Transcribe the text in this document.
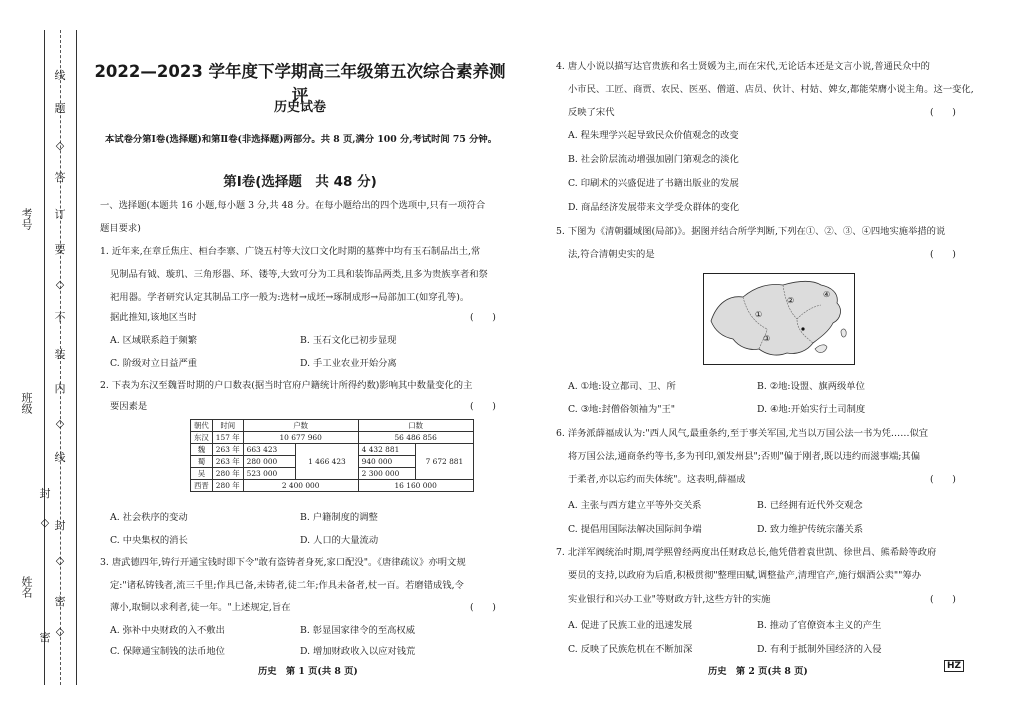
线
题
◇
答
订
要
◇
不
装
内
◇
线
封
◇
密
◇
考号
班级
姓名
封
◇
密
2022—2023 学年度下学期高三年级第五次综合素养测评
历史试卷
本试卷分第Ⅰ卷(选择题)和第Ⅱ卷(非选择题)两部分。共 8 页,满分 100 分,考试时间 75 分钟。
第Ⅰ卷(选择题　共 48 分)
一、选择题(本题共 16 小题,每小题 3 分,共 48 分。在每小题给出的四个选项中,只有一项符合
题目要求)
1. 近年来,在章丘焦庄、桓台李寨、广饶五村等大汶口文化时期的墓葬中均有玉石制品出土,常
见制品有钺、璇玑、三角形器、环、镂等,大致可分为工具和装饰品两类,且多为贵族享者和祭
祀用器。学者研究认定其制品工序一般为:选材→成坯→琢制成形→局部加工(如穿孔等)。
据此推知,该地区当时	(　　)
A. 区域联系趋于频繁	B. 玉石文化已初步显现
C. 阶级对立日益严重	D. 手工业农业开始分离
2. 下表为东汉至魏晋时期的户口数表(据当时官府户籍统计所得约数)影响其中数量变化的主
要因素是	(　　)
朝代	时间	户数		口数	
东汉	157 年	10 677 960		56 486 856	
魏	263 年	663 423	1 466 423	4 432 881	7 672 881
蜀	263 年	280 000		940 000	
吴	280 年	523 000		2 300 000	
西晋	280 年	2 400 000		16 160 000	
A. 社会秩序的变动	B. 户籍制度的调整
C. 中央集权的消长	D. 人口的大量流动
3. 唐武德四年,铸行开通宝钱时即下令"敢有盗铸者身死,家口配没"。《唐律疏议》亦明文规
定:"诸私铸钱者,流三千里;作具已备,未铸者,徒二年;作具未备者,杖一百。若磨错成钱,令
薄小,取铜以求利者,徒一年。"上述规定,旨在	(　　)
A. 弥补中央财政的入不敷出	B. 彰显国家律令的至高权威
C. 保障通宝制钱的法币地位	D. 增加财政收入以应对钱荒
4. 唐人小说以描写达官贵族和名士贤媛为主,而在宋代,无论话本还是文言小说,普通民众中的
小市民、工匠、商贾、农民、医巫、僧道、店员、伙计、村姑、婢女,都能荣膺小说主角。这一变化,
反映了宋代	(　　)
A. 程朱理学兴起导致民众价值观念的改变
B. 社会阶层流动增强加剧门第观念的淡化
C. 印刷术的兴盛促进了书籍出版业的发展
D. 商品经济发展带来文学受众群体的变化
5. 下图为《清朝疆域图(局部)》。据图并结合所学判断,下列在①、②、③、④四地实施举措的说
法,符合清朝史实的是	(　　)
①
②
③
④
A. ①地:设立都司、卫、所	B. ②地:设盟、旗两级单位
C. ③地:封僧俗领袖为"王"	D. ④地:开始实行土司制度
6. 洋务派薛福成认为:"西人风气,最重条约,至于事关军国,尤当以万国公法一书为凭……似宜
将万国公法,通商条约等书,多为刊印,颁发州县";否则"偏于刚者,既以违约而滋事端;其偏
于柔者,亦以忘约而失体统"。这表明,薛福成	(　　)
A. 主张与西方建立平等外交关系	B. 已经拥有近代外交观念
C. 提倡用国际法解决国际间争端	D. 致力维护传统宗藩关系
7. 北洋军阀统治时期,周学熙曾经两度出任财政总长,他凭借着袁世凯、徐世昌、熊希龄等政府
要员的支持,以政府为后盾,积极贯彻"整理田赋,调整盐产,清理官产,施行烟酒公卖""筹办
实业银行和兴办工业"等财政方针,这些方针的实施	(　　)
A. 促进了民族工业的迅速发展	B. 推动了官僚资本主义的产生
C. 反映了民族危机在不断加深	D. 有利于抵制外国经济的入侵
历史　第 1 页(共 8 页)	历史　第 2 页(共 8 页)	HZ
